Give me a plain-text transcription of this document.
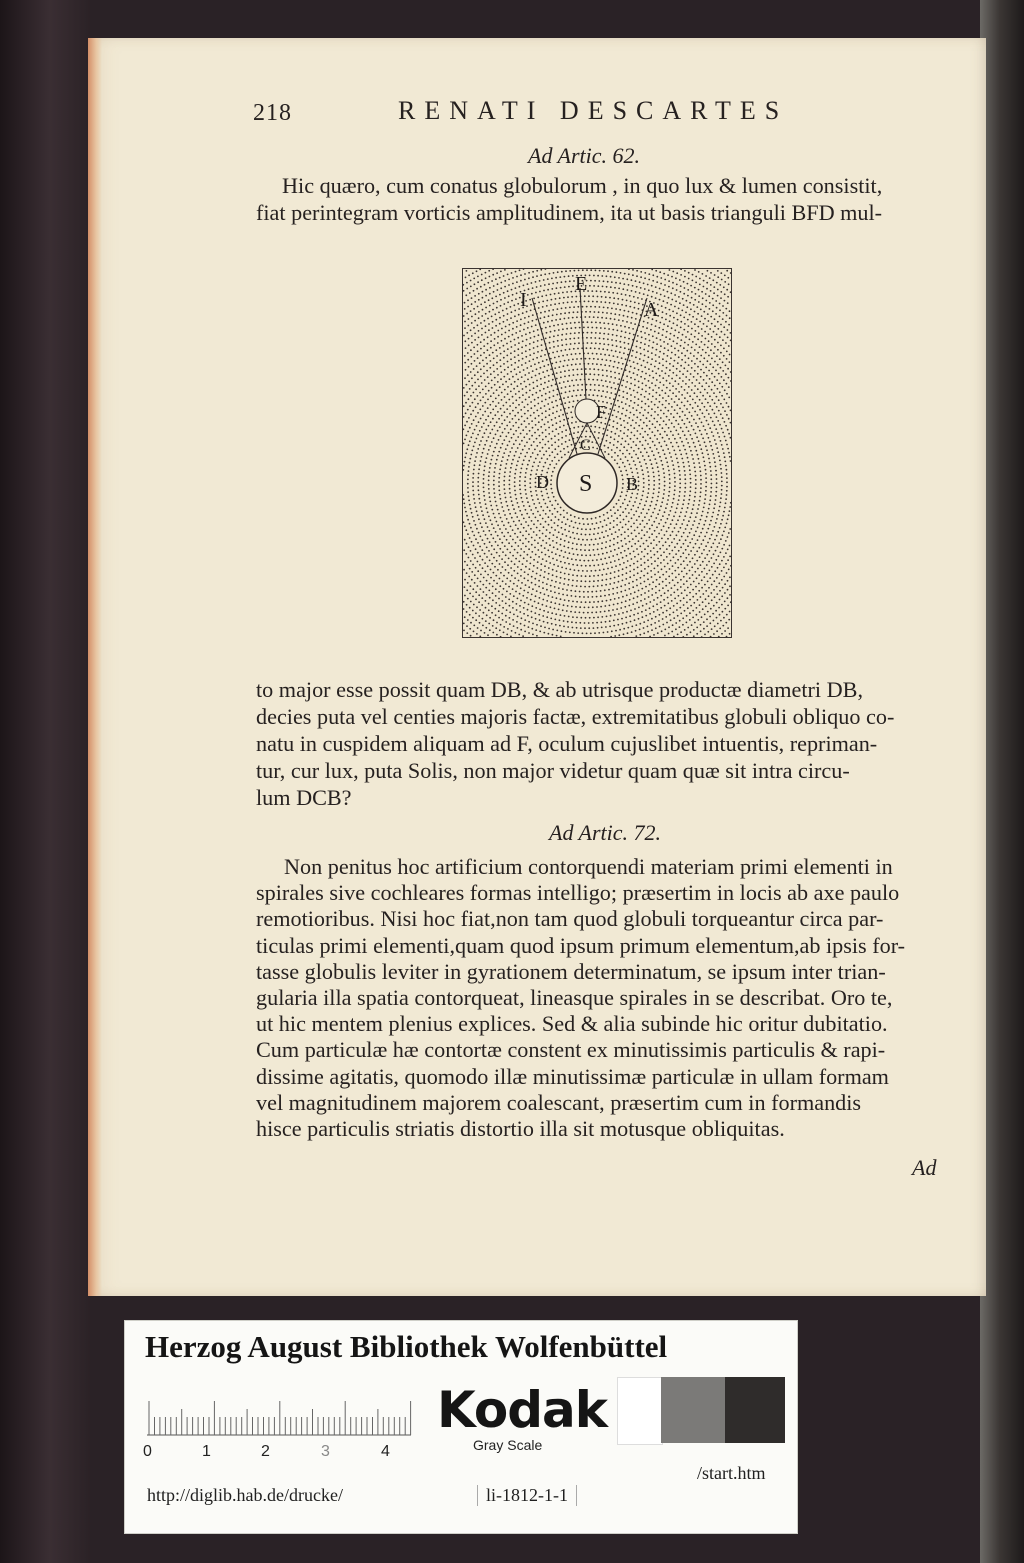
218	RENATI DESCARTES
Ad Artic. 62.
Hic quæro, cum conatus globulorum , in quo lux & lumen consistit,
fiat perintegram vorticis amplitudinem, ita ut basis trianguli BFD mul-
I
E
A
F
C
D S B
to major esse possit quam DB, & ab utrisque productæ diametri DB,
decies puta vel centies majoris factæ, extremitatibus globuli obliquo co-
natu in cuspidem aliquam ad F, oculum cujuslibet intuentis, repriman-
tur, cur lux, puta Solis, non major videtur quam quæ sit intra circu-
lum DCB?
Ad Artic. 72.
Non penitus hoc artificium contorquendi materiam primi elementi in
spirales sive cochleares formas intelligo; præsertim in locis ab axe paulo
remotioribus. Nisi hoc fiat,non tam quod globuli torqueantur circa par-
ticulas primi elementi,quam quod ipsum primum elementum,ab ipsis for-
tasse globulis leviter in gyrationem determinatum, se ipsum inter trian-
gularia illa spatia contorqueat, lineasque spirales in se describat. Oro te,
ut hic mentem plenius explices. Sed & alia subinde hic oritur dubitatio.
Cum particulæ hæ contortæ constent ex minutissimis particulis & rapi-
dissime agitatis, quomodo illæ minutissimæ particulæ in ullam formam
vel magnitudinem majorem coalescant, præsertim cum in formandis
hisce particulis striatis distortio illa sit motusque obliquitas.
Ad
Herzog August Bibliothek Wolfenbüttel
0	1	2	3	4
Kodak
Gray Scale
http://diglib.hab.de/drucke/	li-1812-1-1
/start.htm
